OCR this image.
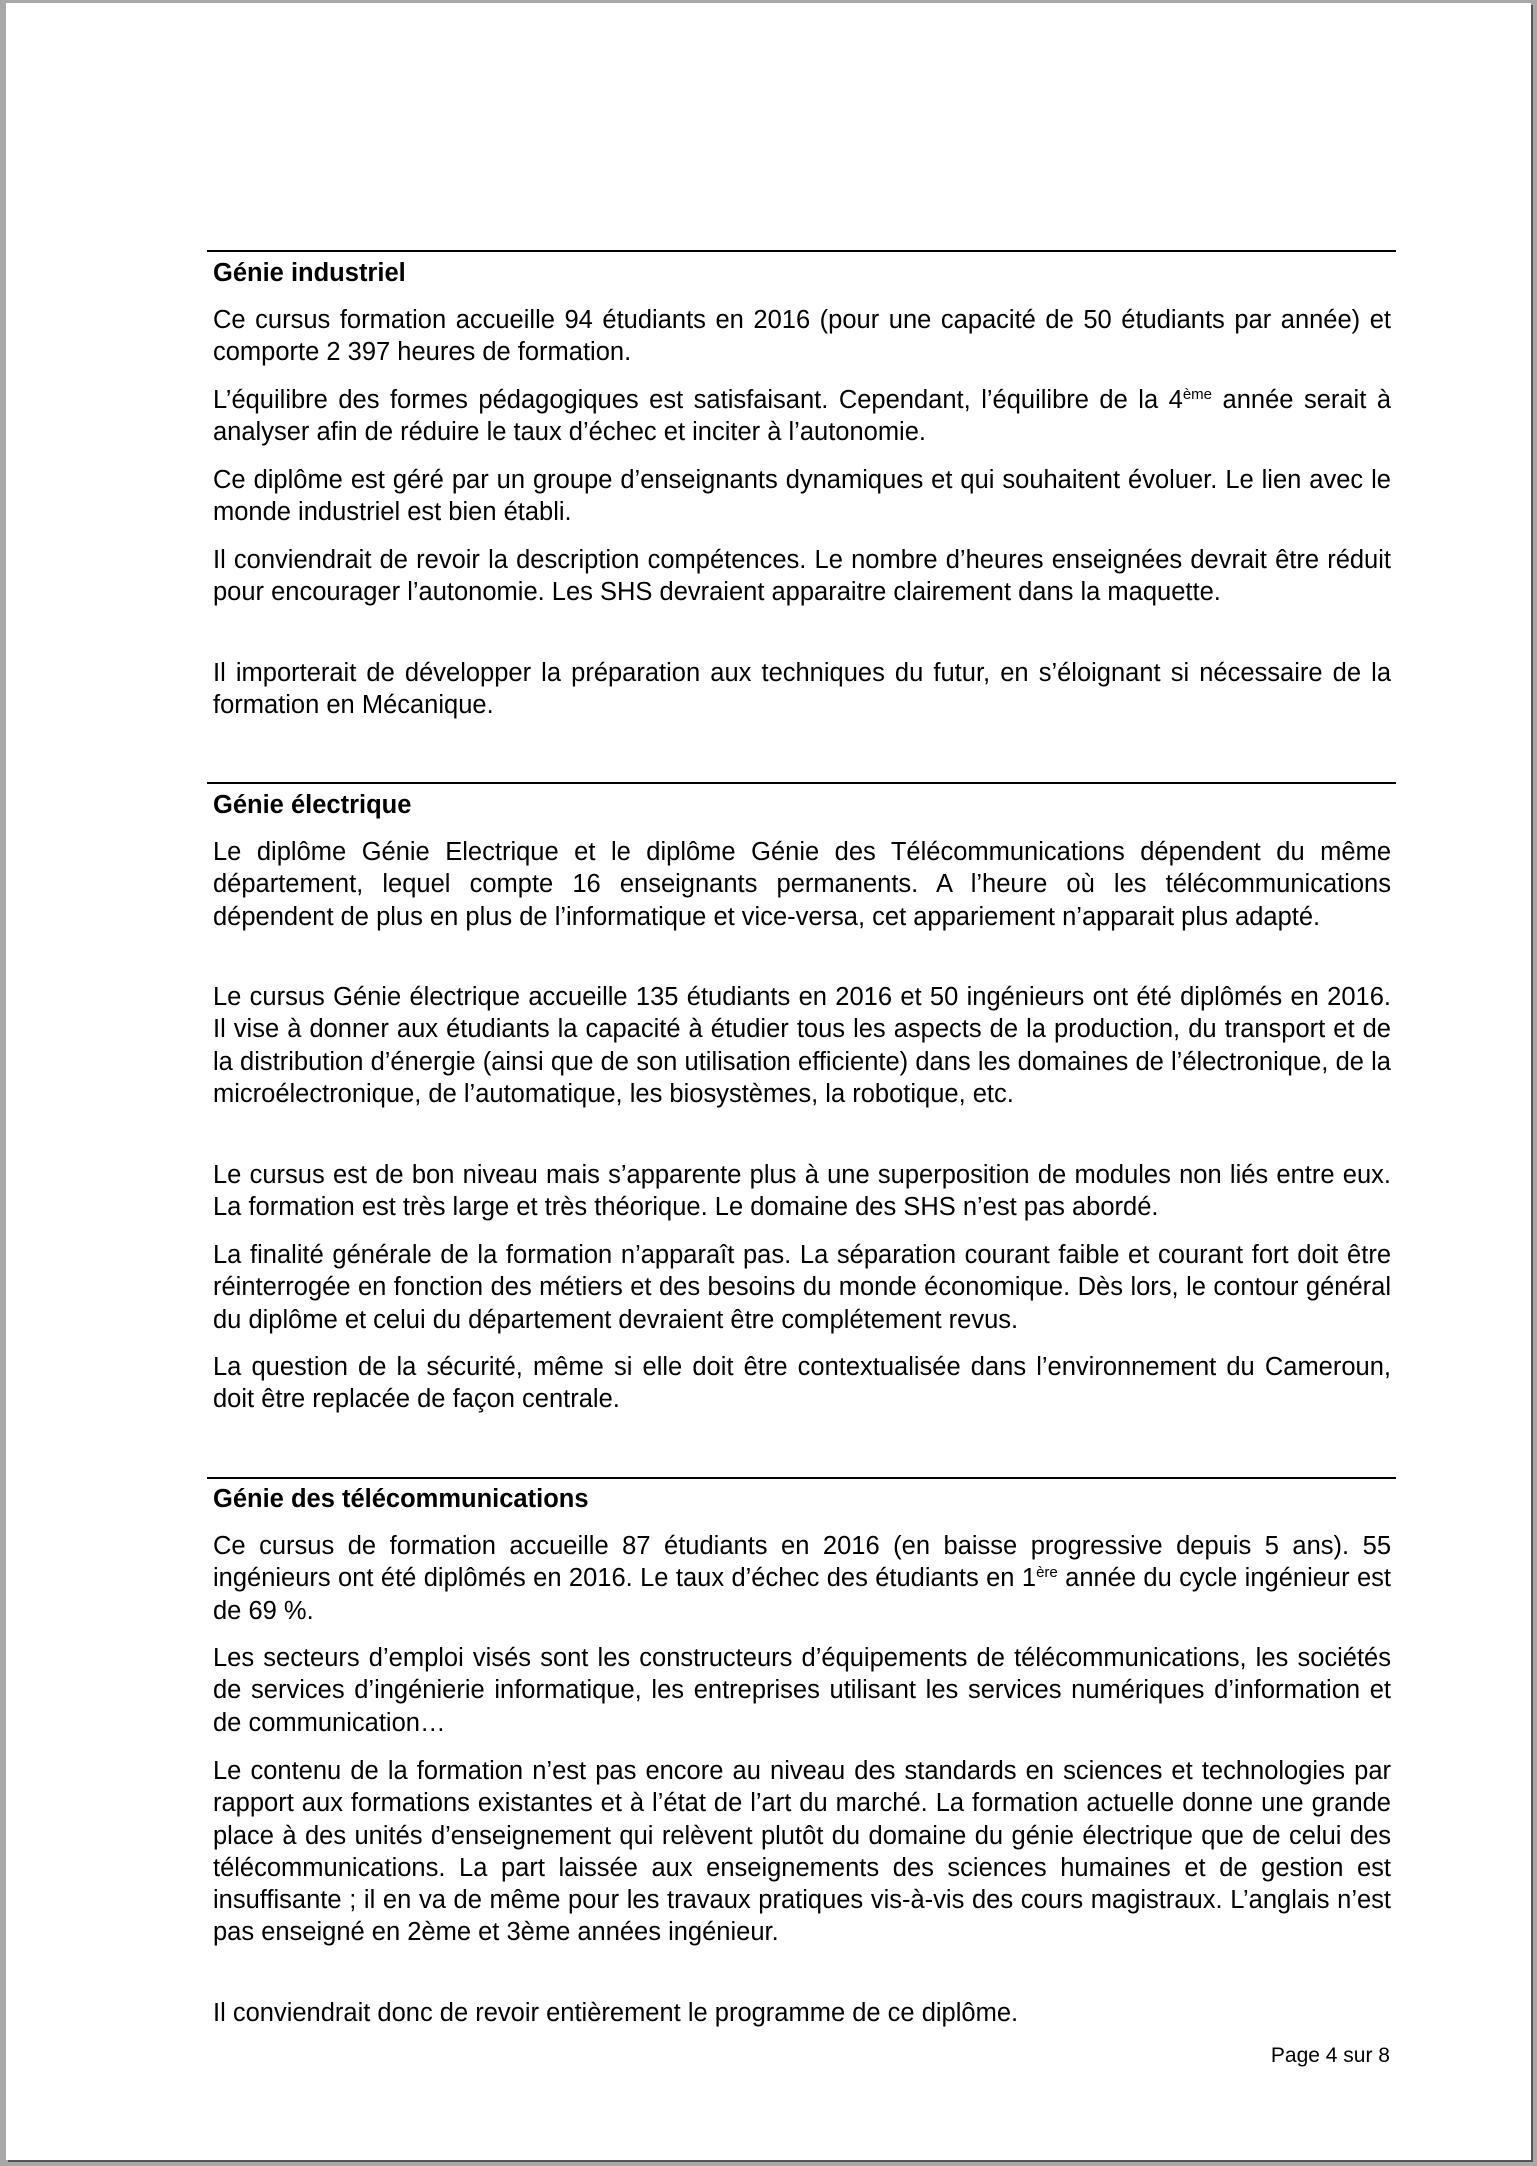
Génie industriel

Ce cursus formation accueille 94 étudiants en 2016 (pour une capacité de 50 étudiants par année) et comporte 2 397 heures de formation.

L’équilibre des formes pédagogiques est satisfaisant. Cependant, l’équilibre de la 4ème année serait à analyser afin de réduire le taux d’échec et inciter à l’autonomie.

Ce diplôme est géré par un groupe d’enseignants dynamiques et qui souhaitent évoluer. Le lien avec le monde industriel est bien établi.

Il conviendrait de revoir la description compétences. Le nombre d’heures enseignées devrait être réduit pour encourager l’autonomie. Les SHS devraient apparaitre clairement dans la maquette.

Il importerait de développer la préparation aux techniques du futur, en s’éloignant si nécessaire de la formation en Mécanique.

Génie électrique

Le diplôme Génie Electrique et le diplôme Génie des Télécommunications dépendent du même département, lequel compte 16 enseignants permanents. A l’heure où les télécommunications dépendent de plus en plus de l’informatique et vice-versa, cet appariement n’apparait plus adapté.

Le cursus Génie électrique accueille 135 étudiants en 2016 et 50 ingénieurs ont été diplômés en 2016. Il vise à donner aux étudiants la capacité à étudier tous les aspects de la production, du transport et de la distribution d’énergie (ainsi que de son utilisation efficiente) dans les domaines de l’électronique, de la microélectronique, de l’automatique, les biosystèmes, la robotique, etc.

Le cursus est de bon niveau mais s’apparente plus à une superposition de modules non liés entre eux. La formation est très large et très théorique. Le domaine des SHS n’est pas abordé.

La finalité générale de la formation n’apparaît pas. La séparation courant faible et courant fort doit être réinterrogée en fonction des métiers et des besoins du monde économique. Dès lors, le contour général du diplôme et celui du département devraient être complétement revus.

La question de la sécurité, même si elle doit être contextualisée dans l’environnement du Cameroun, doit être replacée de façon centrale.

Génie des télécommunications

Ce cursus de formation accueille 87 étudiants en 2016 (en baisse progressive depuis 5 ans). 55 ingénieurs ont été diplômés en 2016. Le taux d’échec des étudiants en 1ère année du cycle ingénieur est de 69 %.

Les secteurs d’emploi visés sont les constructeurs d’équipements de télécommunications, les sociétés de services d’ingénierie informatique, les entreprises utilisant les services numériques d’information et de communication…

Le contenu de la formation n’est pas encore au niveau des standards en sciences et technologies par rapport aux formations existantes et à l’état de l’art du marché. La formation actuelle donne une grande place à des unités d’enseignement qui relèvent plutôt du domaine du génie électrique que de celui des télécommunications. La part laissée aux enseignements des sciences humaines et de gestion est insuffisante ; il en va de même pour les travaux pratiques vis-à-vis des cours magistraux. L’anglais n’est pas enseigné en 2ème et 3ème années ingénieur.

Il conviendrait donc de revoir entièrement le programme de ce diplôme.

Page 4 sur 8
